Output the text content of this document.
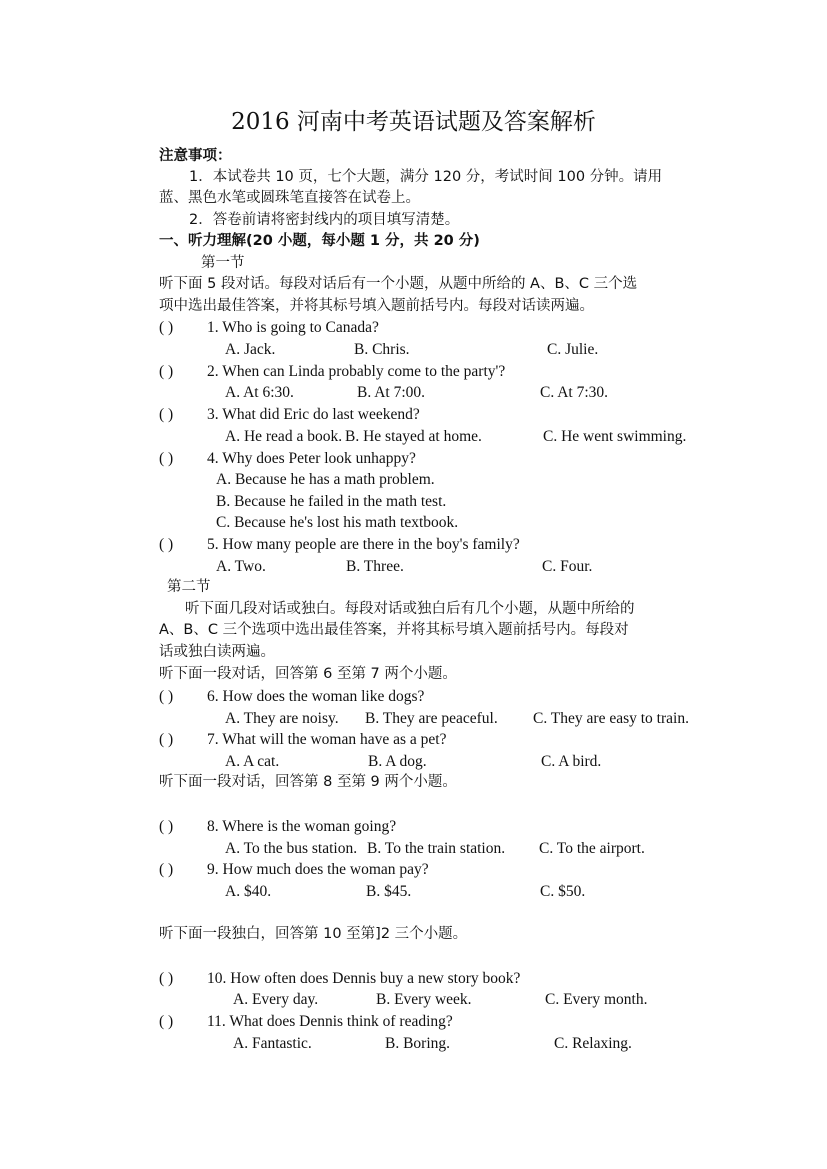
2016 河南中考英语试题及答案解析
注意事项：
1．本试卷共 10 页，七个大题，满分 120 分，考试时间 100 分钟。请用
蓝、黑色水笔或圆珠笔直接答在试卷上。
2．答卷前请将密封线内的项目填写清楚。
一、听力理解(20 小题，每小题 1 分，共 20 分)
第一节
听下面 5 段对话。每段对话后有一个小题，从题中所给的 A、B、C 三个选
项中选出最佳答案，并将其标号填入题前括号内。每段对话读两遍。
( ) 1. Who is going to Canada?
A. Jack.	B. Chris.	C. Julie.
( ) 2. When can Linda probably come to the party'?
A. At 6:30.	B. At 7:00.	C. At 7:30.
( ) 3. What did Eric do last weekend?
A. He read a book. B. He stayed at home.	C. He went swimming.
( ) 4. Why does Peter look unhappy?
A. Because he has a math problem.
B. Because he failed in the math test.
C. Because he's lost his math textbook.
( ) 5. How many people are there in the boy's family?
A. Two.	B. Three.	C. Four.
第二节
听下面几段对话或独白。每段对话或独白后有几个小题，从题中所给的
A、B、C 三个选项中选出最佳答案，并将其标号填入题前括号内。每段对
话或独白读两遍。
听下面一段对话，回答第 6 至第 7 两个小题。
( ) 6. How does the woman like dogs?
A. They are noisy. B. They are peaceful. C. They are easy to train.
( ) 7. What will the woman have as a pet?
A. A cat.	B. A dog.	C. A bird.
听下面一段对话，回答第 8 至第 9 两个小题。
( ) 8. Where is the woman going?
A. To the bus station. B. To the train station. C. To the airport.
( ) 9. How much does the woman pay?
A. $40.	B. $45.	C. $50.
听下面一段独白，回答第 10 至第]2 三个小题。
( ) 10. How often does Dennis buy a new story book?
A. Every day.	B. Every week.	C. Every month.
( ) 11. What does Dennis think of reading?
A. Fantastic.	B. Boring.	C. Relaxing.
